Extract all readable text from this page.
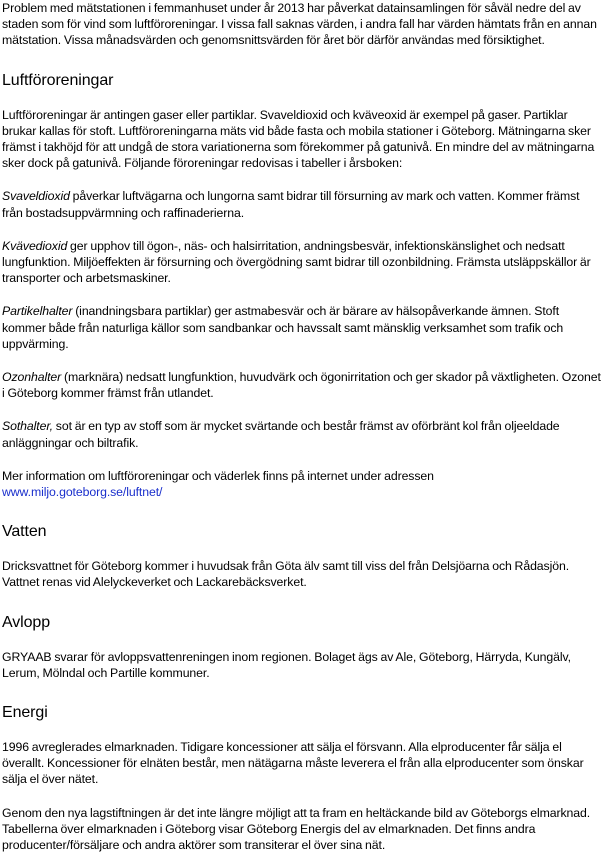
Problem med mätstationen i femmanhuset under år 2013 har påverkat datainsamlingen för såväl nedre del av staden som för vind som luftföroreningar. I vissa fall saknas värden, i andra fall har värden hämtats från en annan mätstation. Vissa månadsvärden och genomsnittsvärden för året bör därför användas med försiktighet.

Luftföroreningar

Luftföroreningar är antingen gaser eller partiklar. Svaveldioxid och kväveoxid är exempel på gaser. Partiklar brukar kallas för stoft. Luftföroreningarna mäts vid både fasta och mobila stationer i Göteborg. Mätningarna sker främst i takhöjd för att undgå de stora variationerna som förekommer på gatunivå. En mindre del av mätningarna sker dock på gatunivå. Följande föroreningar redovisas i tabeller i årsboken:

Svaveldioxid påverkar luftvägarna och lungorna samt bidrar till försurning av mark och vatten. Kommer främst från bostadsuppvärmning och raffinaderierna.

Kvävedioxid ger upphov till ögon-, näs- och halsirritation, andningsbesvär, infektionskänslighet och nedsatt lungfunktion. Miljöeffekten är försurning och övergödning samt bidrar till ozonbildning. Främsta utsläppskällor är transporter och arbetsmaskiner.

Partikelhalter (inandningsbara partiklar) ger astmabesvär och är bärare av hälsopåverkande ämnen. Stoft kommer både från naturliga källor som sandbankar och havssalt samt mänsklig verksamhet som trafik och uppvärming.

Ozonhalter (marknära) nedsatt lungfunktion, huvudvärk och ögonirritation och ger skador på växtligheten. Ozonet i Göteborg kommer främst från utlandet.

Sothalter, sot är en typ av stoff som är mycket svärtande och består främst av oförbränt kol från oljeeldade anläggningar och biltrafik.

Mer information om luftföroreningar och väderlek finns på internet under adressen
www.miljo.goteborg.se/luftnet/

Vatten

Dricksvattnet för Göteborg kommer i huvudsak från Göta älv samt till viss del från Delsjöarna och Rådasjön. Vattnet renas vid Alelyckeverket och Lackarebäcksverket.

Avlopp

GRYAAB svarar för avloppsvattenreningen inom regionen. Bolaget ägs av Ale, Göteborg, Härryda, Kungälv, Lerum, Mölndal och Partille kommuner.

Energi

1996 avreglerades elmarknaden. Tidigare koncessioner att sälja el försvann. Alla elproducenter får sälja el överallt. Koncessioner för elnäten består, men nätägarna måste leverera el från alla elproducenter som önskar sälja el över nätet.

Genom den nya lagstiftningen är det inte längre möjligt att ta fram en heltäckande bild av Göteborgs elmarknad. Tabellerna över elmarknaden i Göteborg visar Göteborg Energis del av elmarknaden. Det finns andra producenter/försäljare och andra aktörer som transiterar el över sina nät.
